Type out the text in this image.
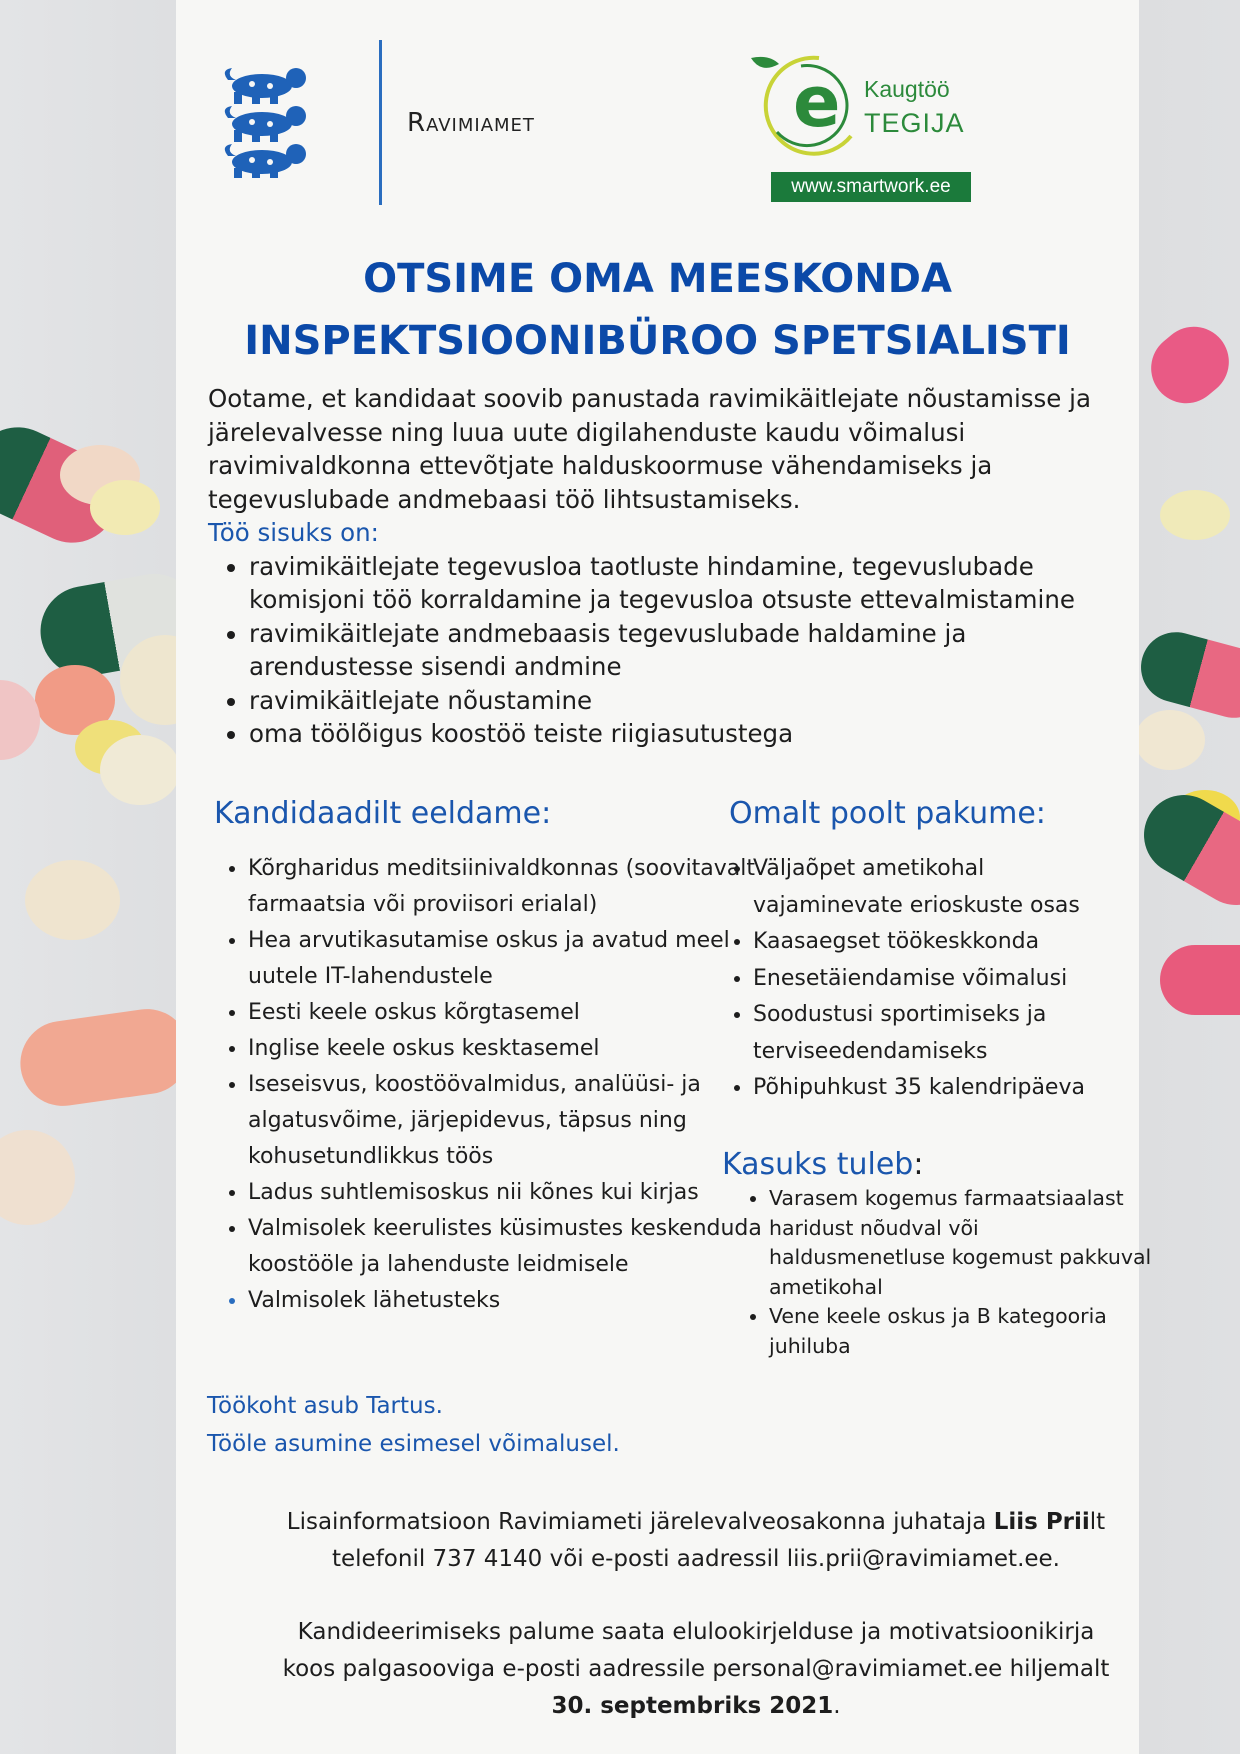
Ravimiamet	e Kaugtöö
TEGIJA
www.smartwork.ee
OTSIME OMA MEESKONDA
INSPEKTSIOONIBÜROO SPETSIALISTI

Ootame, et kandidaat soovib panustada ravimikäitlejate nõustamisse ja järelevalvesse ning luua uute digilahenduste kaudu võimalusi ravimivaldkonna ettevõtjate halduskoormuse vähendamiseks ja tegevuslubade andmebaasi töö lihtsustamiseks.

Töö sisuks on:

• ravimikäitlejate tegevusloa taotluste hindamine, tegevuslubade komisjoni töö korraldamine ja tegevusloa otsuste ettevalmistamine
• ravimikäitlejate andmebaasis tegevuslubade haldamine ja arendustesse sisendi andmine
• ravimikäitlejate nõustamine
• oma töölõigus koostöö teiste riigiasutustega
Kandidaadilt eeldame:	Omalt poolt pakume:
• Kõrgharidus meditsiinivaldkonnas (soovitavalt farmaatsia või proviisori erialal)
• Hea arvutikasutamise oskus ja avatud meel uutele IT-lahendustele
• Eesti keele oskus kõrgtasemel
• Inglise keele oskus kesktasemel
• Iseseisvus, koostöövalmidus, analüüsi- ja algatusvõime, järjepidevus, täpsus ning kohusetundlikkus töös
• Ladus suhtlemisoskus nii kõnes kui kirjas
• Valmisolek keerulistes küsimustes keskenduda koostööle ja lahenduste leidmisele
• Valmisolek lähetusteks
• Väljaõpet ametikohal vajaminevate erioskuste osas
• Kaasaegset töökeskkonda
• Enesetäiendamise võimalusi
• Soodustusi sportimiseks ja terviseedendamiseks
• Põhipuhkust 35 kalendripäeva
Kasuks tuleb:
• Varasem kogemus farmaatsiaalast haridust nõudval või haldusmenetluse kogemust pakkuval ametikohal
• Vene keele oskus ja B kategooria juhiluba
Töökoht asub Tartus.
Tööle asumine esimesel võimalusel.

Lisainformatsioon Ravimiameti järelevalveosakonna juhataja Liis Priilt telefonil 737 4140 või e-posti aadressil liis.prii@ravimiamet.ee.

Kandideerimiseks palume saata elulookirjelduse ja motivatsioonikirja koos palgasooviga e-posti aadressile personal@ravimiamet.ee hiljemalt 30. septembriks 2021.
